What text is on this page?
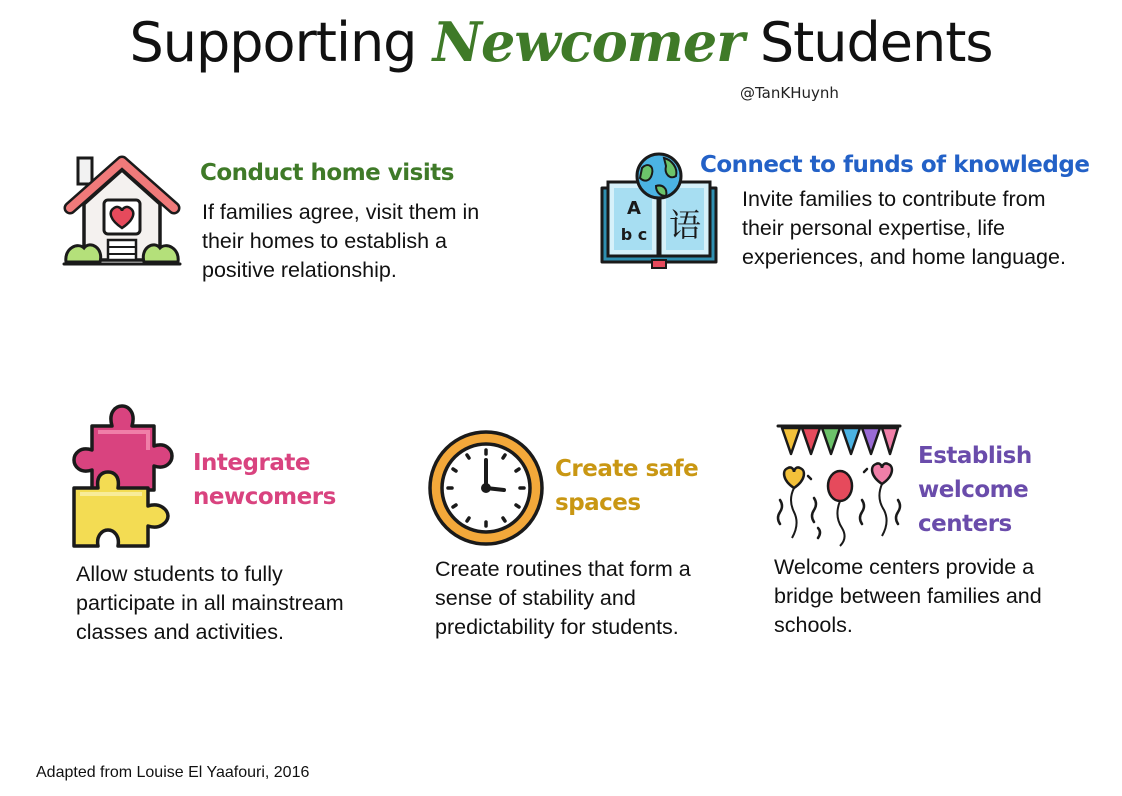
Supporting Newcomer Students
@TanKHuynh
Conduct home visits
If families agree, visit them in their homes to establish a positive relationship.
A
b c 语
Connect to funds of knowledge
Invite families to contribute from their personal expertise, life experiences, and home language.
Integrate newcomers
Allow students to fully participate in all mainstream classes and activities.
Create safe spaces
Create routines that form a sense of stability and predictability for students.
Establish welcome centers
Welcome centers provide a bridge between families and schools.
Adapted from Louise El Yaafouri, 2016
